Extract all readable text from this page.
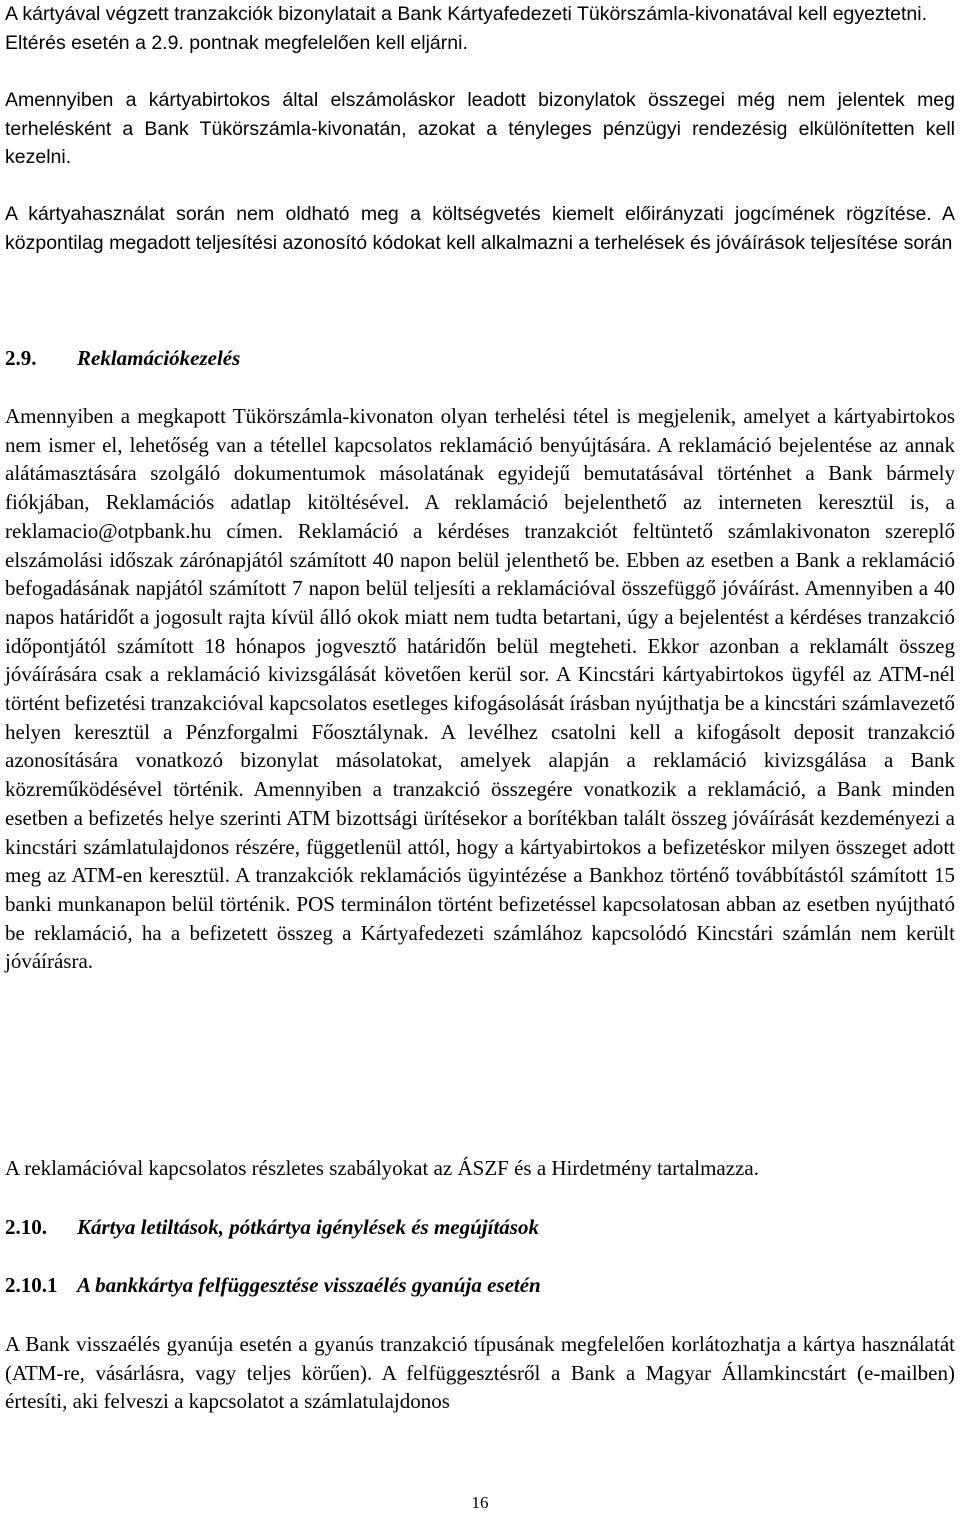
A kártyával végzett tranzakciók bizonylatait a Bank Kártyafedezeti Tükörszámla-kivonatával kell egyeztetni. Eltérés esetén a 2.9. pontnak megfelelően kell eljárni.

Amennyiben a kártyabirtokos által elszámoláskor leadott bizonylatok összegei még nem jelentek meg terhelésként a Bank Tükörszámla-kivonatán, azokat a tényleges pénzügyi rendezésig elkülönítetten kell kezelni.

A kártyahasználat során nem oldható meg a költségvetés kiemelt előirányzati jogcímének rögzítése. A központilag megadott teljesítési azonosító kódokat kell alkalmazni a terhelések és jóváírások teljesítése során

2.9. Reklamációkezelés

Amennyiben a megkapott Tükörszámla-kivonaton olyan terhelési tétel is megjelenik, amelyet a kártyabirtokos nem ismer el, lehetőség van a tétellel kapcsolatos reklamáció benyújtására. A reklamáció bejelentése az annak alátámasztására szolgáló dokumentumok másolatának egyidejű bemutatásával történhet a Bank bármely fiókjában, Reklamációs adatlap kitöltésével. A reklamáció bejelenthető az interneten keresztül is, a reklamacio@otpbank.hu címen. Reklamáció a kérdéses tranzakciót feltüntető számlakivonaton szereplő elszámolási időszak zárónapjától számított 40 napon belül jelenthető be. Ebben az esetben a Bank a reklamáció befogadásának napjától számított 7 napon belül teljesíti a reklamációval összefüggő jóváírást. Amennyiben a 40 napos határidőt a jogosult rajta kívül álló okok miatt nem tudta betartani, úgy a bejelentést a kérdéses tranzakció időpontjától számított 18 hónapos jogvesztő határidőn belül megteheti. Ekkor azonban a reklamált összeg jóváírására csak a reklamáció kivizsgálását követően kerül sor. A Kincstári kártyabirtokos ügyfél az ATM-nél történt befizetési tranzakcióval kapcsolatos esetleges kifogásolását írásban nyújthatja be a kincstári számlavezető helyen keresztül a Pénzforgalmi Főosztálynak. A levélhez csatolni kell a kifogásolt deposit tranzakció azonosítására vonatkozó bizonylat másolatokat, amelyek alapján a reklamáció kivizsgálása a Bank közreműködésével történik. Amennyiben a tranzakció összegére vonatkozik a reklamáció, a Bank minden esetben a befizetés helye szerinti ATM bizottsági ürítésekor a borítékban talált összeg jóváírását kezdeményezi a kincstári számlatulajdonos részére, függetlenül attól, hogy a kártyabirtokos a befizetéskor milyen összeget adott meg az ATM-en keresztül. A tranzakciók reklamációs ügyintézése a Bankhoz történő továbbítástól számított 15 banki munkanapon belül történik. POS terminálon történt befizetéssel kapcsolatosan abban az esetben nyújtható be reklamáció, ha a befizetett összeg a Kártyafedezeti számlához kapcsolódó Kincstári számlán nem került jóváírásra.

A reklamációval kapcsolatos részletes szabályokat az ÁSZF és a Hirdetmény tartalmazza.

2.10. Kártya letiltások, pótkártya igénylések és megújítások
2.10.1 A bankkártya felfüggesztése visszaélés gyanúja esetén

A Bank visszaélés gyanúja esetén a gyanús tranzakció típusának megfelelően korlátozhatja a kártya használatát (ATM-re, vásárlásra, vagy teljes körűen). A felfüggesztésről a Bank a Magyar Államkincstárt (e-mailben) értesíti, aki felveszi a kapcsolatot a számlatulajdonos

16
